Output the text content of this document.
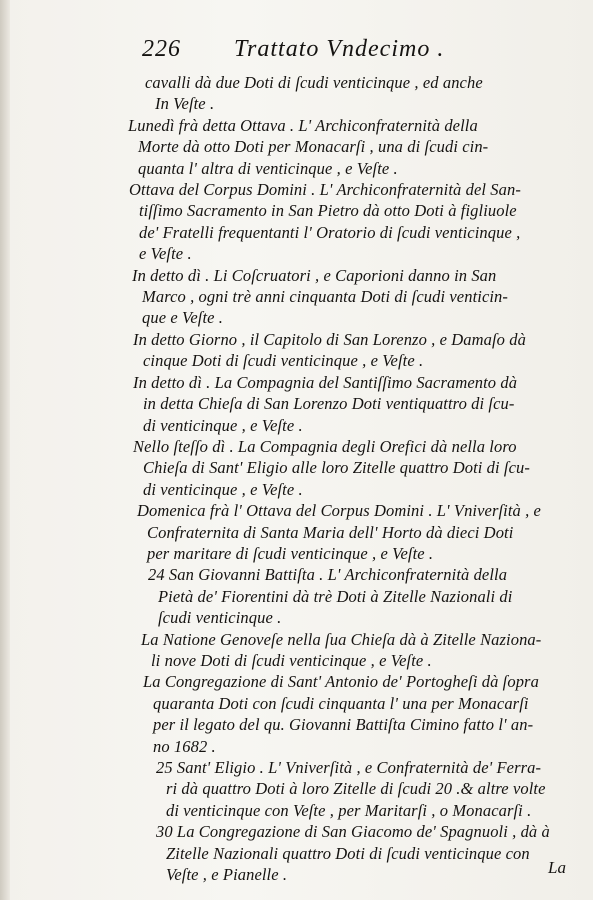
226 Trattato Vndecimo .
cavalli dà due Doti di ſcudi venticinque , ed anche
In Veſte .
Lunedì frà detta Ottava . L' Archiconfraternità della
Morte dà otto Doti per Monacarſi , una di ſcudi cin-
quanta l' altra di venticinque , e Veſte .
Ottava del Corpus Domini . L' Archiconfraternità del San-
tiſſimo Sacramento in San Pietro dà otto Doti à figliuole
de' Fratelli frequentanti l' Oratorio di ſcudi venticinque ,
e Veſte .
In detto dì . Li Coſcruatori , e Caporioni danno in San
Marco , ogni trè anni cinquanta Doti di ſcudi venticin-
que e Veſte .
In detto Giorno , il Capitolo di San Lorenzo , e Damaſo dà
cinque Doti di ſcudi venticinque , e Veſte .
In detto dì . La Compagnia del Santiſſimo Sacramento dà
in detta Chieſa di San Lorenzo Doti ventiquattro di ſcu-
di venticinque , e Veſte .
Nello ſteſſo dì . La Compagnia degli Orefici dà nella loro
Chieſa di Sant' Eligio alle loro Zitelle quattro Doti di ſcu-
di venticinque , e Veſte .
Domenica frà l' Ottava del Corpus Domini . L' Vniverſità , e
Confraternita di Santa Maria dell' Horto dà dieci Doti
per maritare di ſcudi venticinque , e Veſte .
24 San Giovanni Battiſta . L' Archiconfraternità della
Pietà de' Fiorentini dà trè Doti à Zitelle Nazionali di
ſcudi venticinque .
La Natione Genoveſe nella ſua Chieſa dà à Zitelle Naziona-
li nove Doti di ſcudi venticinque , e Veſte .
La Congregazione di Sant' Antonio de' Portogheſi dà ſopra
quaranta Doti con ſcudi cinquanta l' una per Monacarſi
per il legato del qu. Giovanni Battiſta Cimino fatto l' an-
no 1682 .
25 Sant' Eligio . L' Vniverſità , e Confraternità de' Ferra-
ri dà quattro Doti à loro Zitelle di ſcudi 20 .& altre volte
di venticinque con Veſte , per Maritarſi , o Monacarſi .
30 La Congregazione di San Giacomo de' Spagnuoli , dà à
Zitelle Nazionali quattro Doti di ſcudi venticinque con
Veſte , e Pianelle .	La
